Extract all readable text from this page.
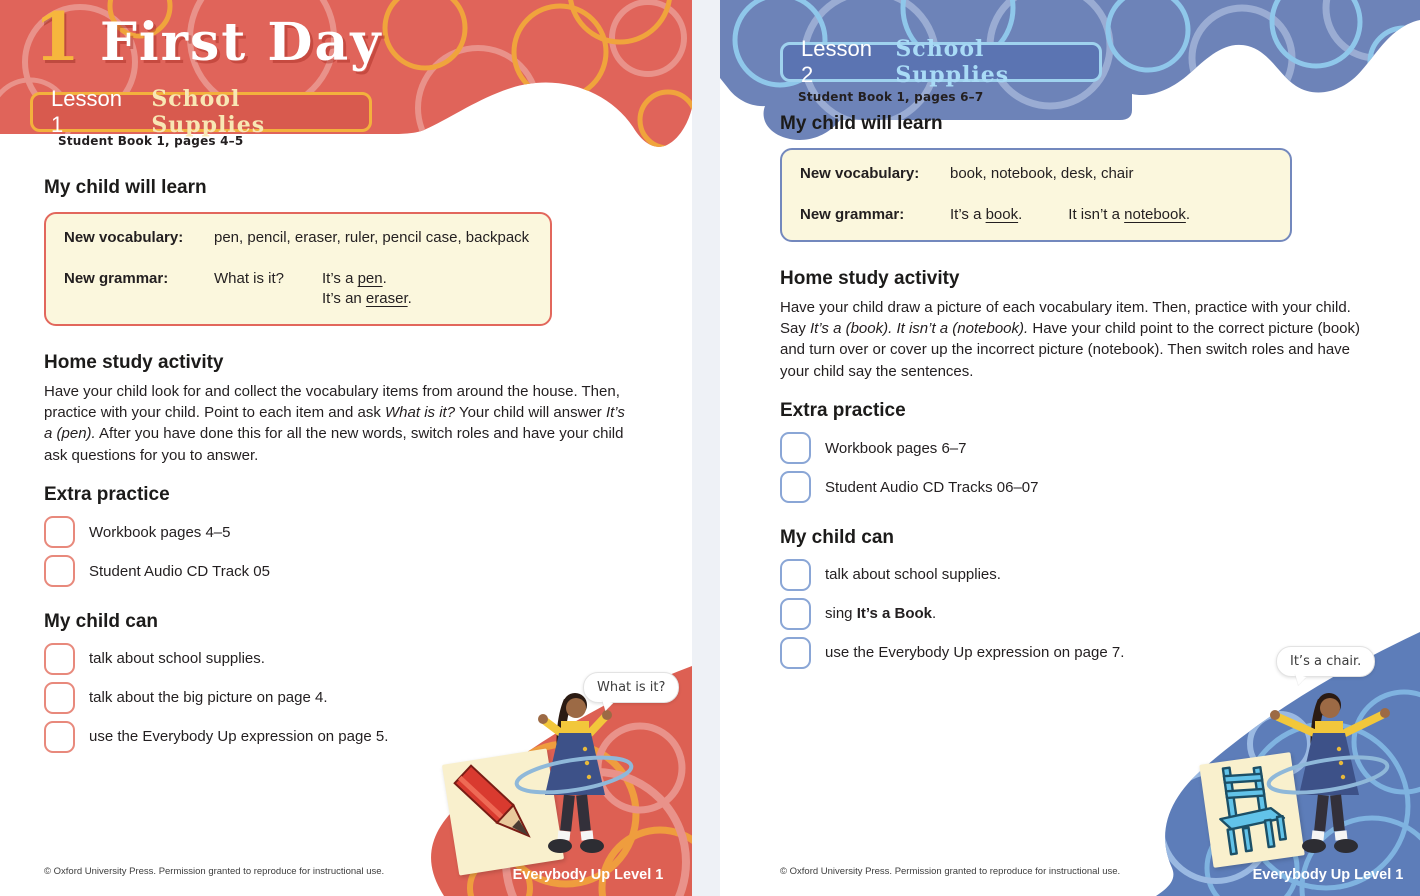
1 First Day
Lesson 1
School Supplies
Student Book 1, pages 4–5
My child will learn
New vocabulary:	pen, pencil, eraser, ruler, pencil case, backpack
New grammar:	What is it?	It’s a pen.
It’s an eraser.
Home study activity

Have your child look for and collect the vocabulary items from around the house. Then, practice with your child. Point to each item and ask What is it? Your child will answer It’s a (pen). After you have done this for all the new words, switch roles and have your child ask questions for you to answer.

Extra practice
Workbook pages 4–5
Student Audio CD Track 05
My child can
talk about school supplies.
talk about the big picture on page 4.
use the Everybody Up expression on page 5.
What is it?
Everybody Up Level 1
© Oxford University Press. Permission granted to reproduce for instructional use.
Lesson 2
School Supplies
Student Book 1, pages 6–7
My child will learn
New vocabulary:	book, notebook, desk, chair
New grammar:	It’s a book.	It isn’t a notebook.
Home study activity

Have your child draw a picture of each vocabulary item. Then, practice with your child. Say It’s a (book). It isn’t a (notebook). Have your child point to the correct picture (book) and turn over or cover up the incorrect picture (notebook). Then switch roles and have your child say the sentences.

Extra practice
Workbook pages 6–7
Student Audio CD Tracks 06–07
My child can
talk about school supplies.
sing It’s a Book.
use the Everybody Up expression on page 7.
It’s a chair.
Everybody Up Level 1
© Oxford University Press. Permission granted to reproduce for instructional use.
